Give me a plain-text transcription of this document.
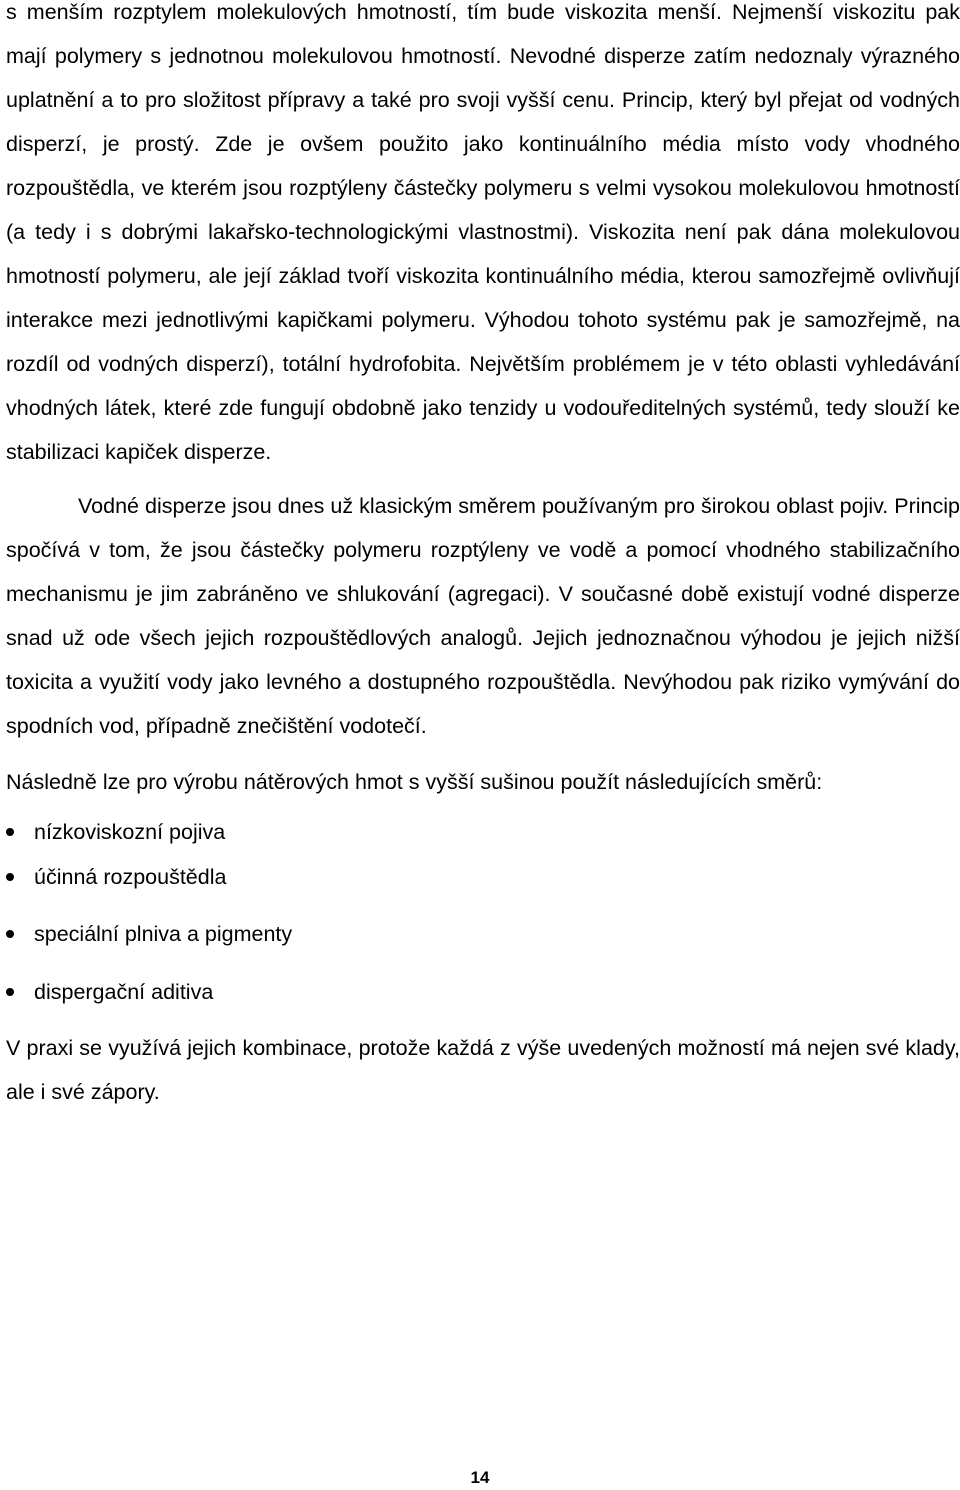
s menším rozptylem molekulových hmotností, tím bude viskozita menší. Nejmenší viskozitu pak mají polymery s jednotnou molekulovou hmotností. Nevodné disperze zatím nedoznaly výrazného uplatnění a to pro složitost přípravy a také pro svoji vyšší cenu. Princip, který byl přejat od vodných disperzí, je prostý. Zde je ovšem použito jako kontinuálního média místo vody vhodného rozpouštědla, ve kterém jsou rozptýleny částečky polymeru s velmi vysokou molekulovou hmotností (a tedy i s dobrými lakařsko-technologickými vlastnostmi). Viskozita není pak dána molekulovou hmotností polymeru, ale její základ tvoří viskozita kontinuálního média, kterou samozřejmě ovlivňují interakce mezi jednotlivými kapičkami polymeru. Výhodou tohoto systému pak je samozřejmě, na rozdíl od vodných disperzí), totální hydrofobita. Největším problémem je v této oblasti vyhledávání vhodných látek, které zde fungují obdobně jako tenzidy u vodouředitelných systémů, tedy slouží ke stabilizaci kapiček disperze.

Vodné disperze jsou dnes už klasickým směrem používaným pro širokou oblast pojiv. Princip spočívá v tom, že jsou částečky polymeru rozptýleny ve vodě a pomocí vhodného stabilizačního mechanismu je jim zabráněno ve shlukování (agregaci). V současné době existují vodné disperze snad už ode všech jejich rozpouštědlových analogů. Jejich jednoznačnou výhodou je jejich nižší toxicita a využití vody jako levného a dostupného rozpouštědla. Nevýhodou pak riziko vymývání do spodních vod, případně znečištění vodotečí.

Následně lze pro výrobu nátěrových hmot s vyšší sušinou použít následujících směrů:

nízkoviskozní pojiva
účinná rozpouštědla
speciální plniva a pigmenty
dispergační aditiva

V praxi se využívá jejich kombinace, protože každá z výše uvedených možností má nejen své klady, ale i své zápory.

14
